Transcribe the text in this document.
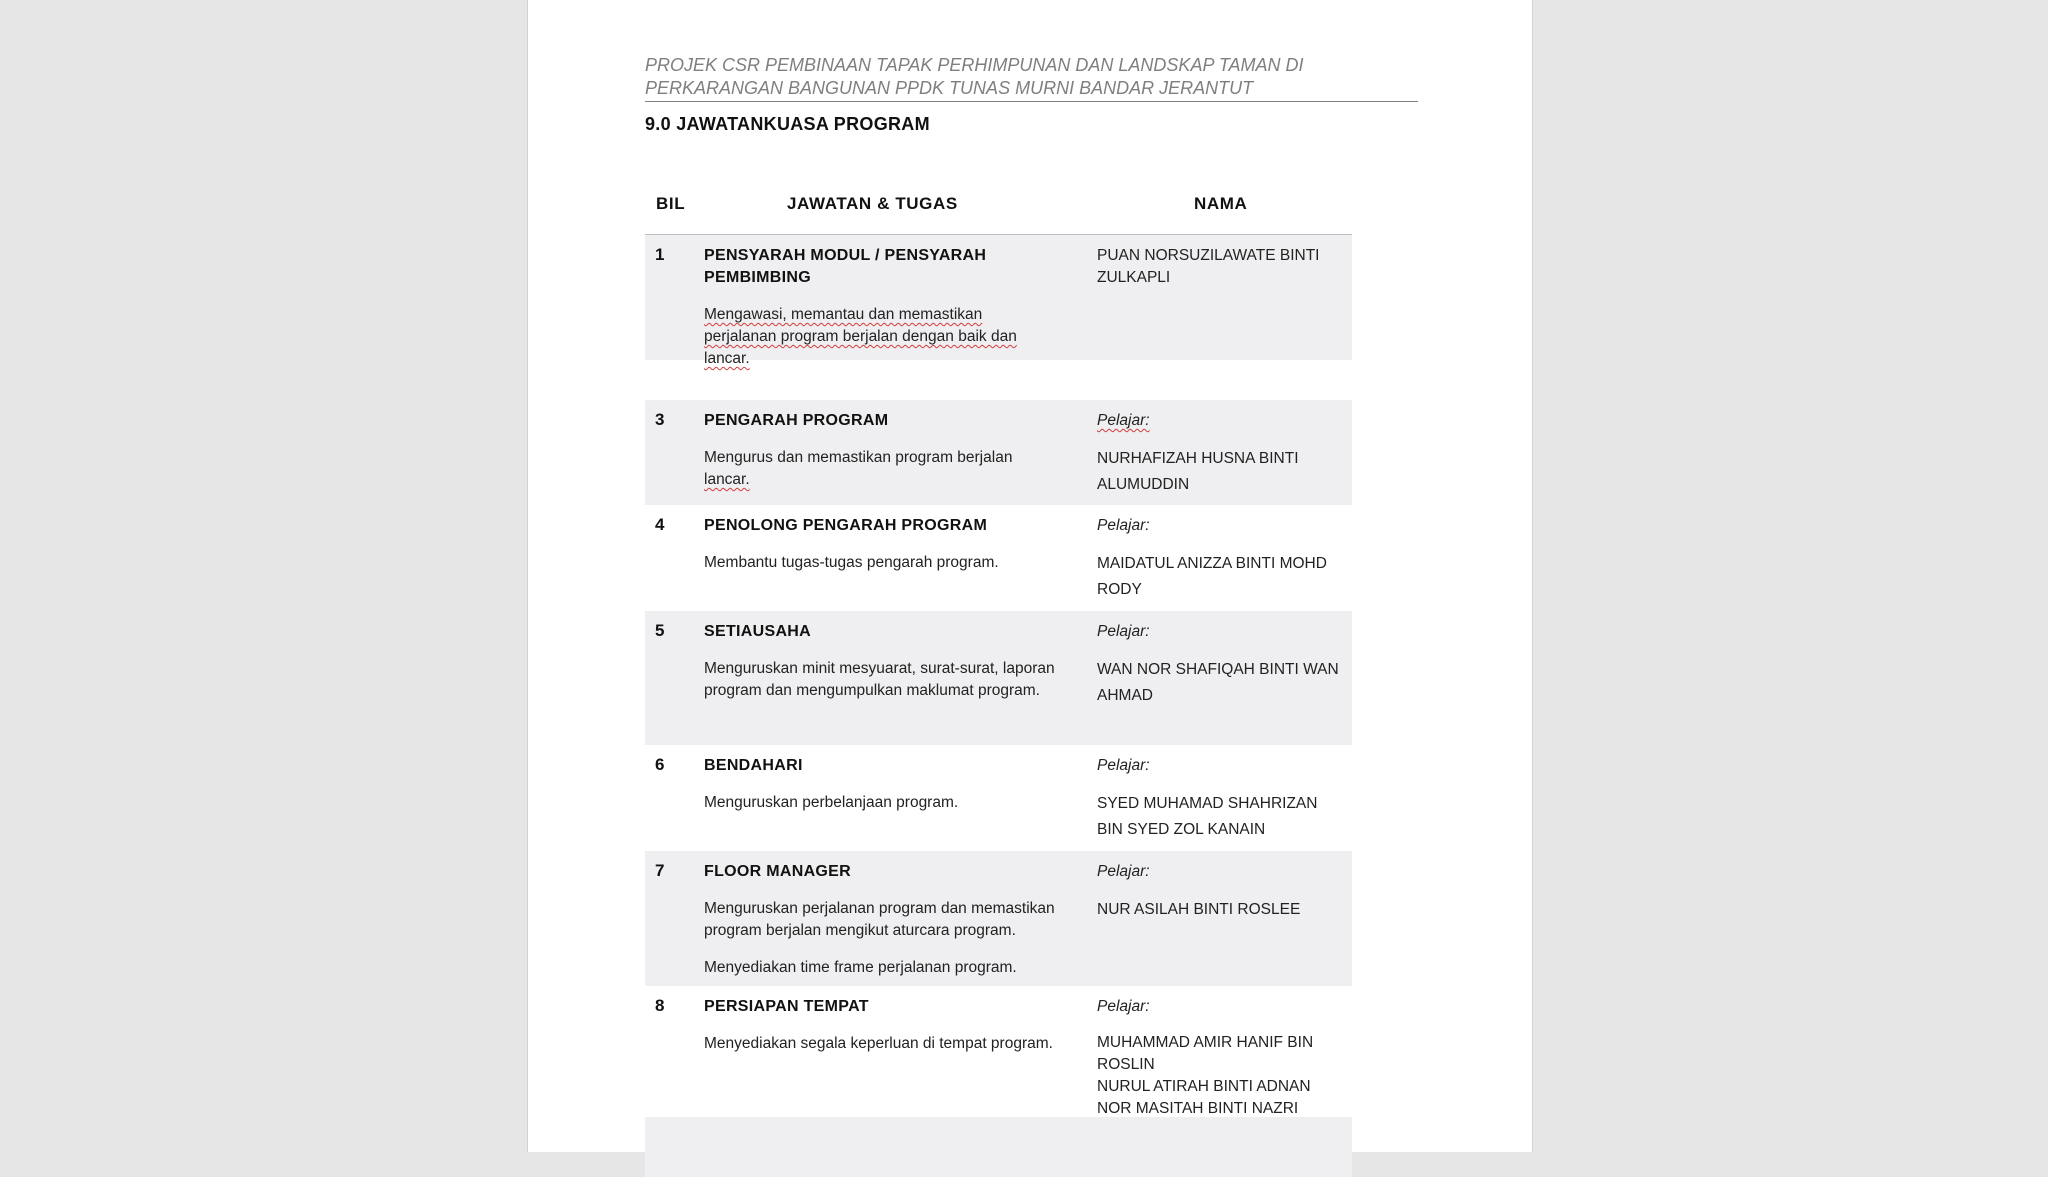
PROJEK CSR PEMBINAAN TAPAK PERHIMPUNAN DAN LANDSKAP TAMAN DI
PERKARANGAN BANGUNAN PPDK TUNAS MURNI BANDAR JERANTUT
9.0 JAWATANKUASA PROGRAM
BIL	JAWATAN & TUGAS	NAMA
1 PENSYARAH MODUL / PENSYARAH
PEMBIMBING
Mengawasi, memantau dan memastikan
perjalanan program berjalan dengan baik dan
lancar.
PUAN NORSUZILAWATE BINTI
ZULKAPLI
3 PENGARAH PROGRAM
Mengurus dan memastikan program berjalan
lancar.
Pelajar:
NURHAFIZAH HUSNA BINTI
ALUMUDDIN
4 PENOLONG PENGARAH PROGRAM
Membantu tugas-tugas pengarah program.
Pelajar:
MAIDATUL ANIZZA BINTI MOHD
RODY
5 SETIAUSAHA
Menguruskan minit mesyuarat, surat-surat, laporan
program dan mengumpulkan maklumat program.
Pelajar:
WAN NOR SHAFIQAH BINTI WAN
AHMAD
6 BENDAHARI
Menguruskan perbelanjaan program.
Pelajar:
SYED MUHAMAD SHAHRIZAN
BIN SYED ZOL KANAIN
7 FLOOR MANAGER
Menguruskan perjalanan program dan memastikan
program berjalan mengikut aturcara program.
Menyediakan time frame perjalanan program.
Pelajar:
NUR ASILAH BINTI ROSLEE
8 PERSIAPAN TEMPAT
Menyediakan segala keperluan di tempat program.
Pelajar:
MUHAMMAD AMIR HANIF BIN
ROSLIN
NURUL ATIRAH BINTI ADNAN
NOR MASITAH BINTI NAZRI
